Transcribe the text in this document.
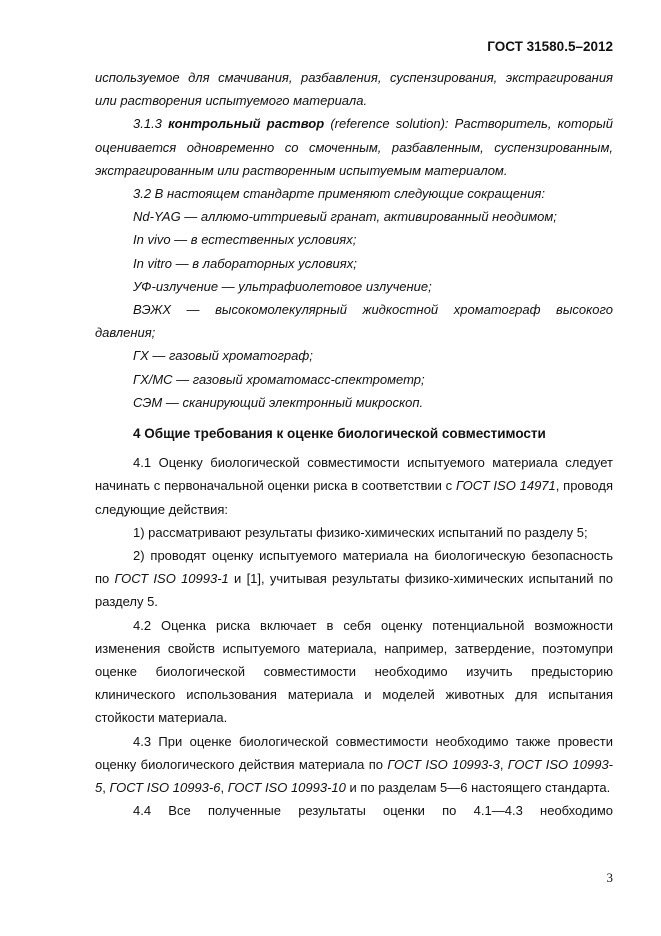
ГОСТ 31580.5–2012

используемое для смачивания, разбавления, суспензирования, экстрагирования или растворения испытуемого материала.

3.1.3 контрольный раствор (reference solution): Растворитель, который оценивается одновременно со смоченным, разбавленным, суспензированным, экстрагированным или растворенным испытуемым материалом.

3.2 В настоящем стандарте применяют следующие сокращения:

Nd-YAG — аллюмо-иттриевый гранат, активированный неодимом;

In vivo — в естественных условиях;

In vitro — в лабораторных условиях;

УФ-излучение — ультрафиолетовое излучение;

ВЭЖХ — высокомолекулярный жидкостной хроматограф высокого давления;

ГХ — газовый хроматограф;

ГХ/МС — газовый хроматомасс-спектрометр;

СЭМ — сканирующий электронный микроскоп.

4 Общие требования к оценке биологической совместимости

4.1 Оценку биологической совместимости испытуемого материала следует начинать с первоначальной оценки риска в соответствии с ГОСТ ISO 14971, проводя следующие действия:

1) рассматривают результаты физико-химических испытаний по разделу 5;

2) проводят оценку испытуемого материала на биологическую безопасность по ГОСТ ISO 10993-1 и [1], учитывая результаты физико-химических испытаний по разделу 5.

4.2 Оценка риска включает в себя оценку потенциальной возможности изменения свойств испытуемого материала, например, затвердение, поэтомупри оценке биологической совместимости необходимо изучить предысторию клинического использования материала и моделей животных для испытания стойкости материала.

4.3 При оценке биологической совместимости необходимо также провести оценку биологического действия материала по ГОСТ ISO 10993-3, ГОСТ ISO 10993-5, ГОСТ ISO 10993-6, ГОСТ ISO 10993-10 и по разделам 5—6 настоящего стандарта.

4.4 Все полученные результаты оценки по 4.1—4.3 необходимо

3
